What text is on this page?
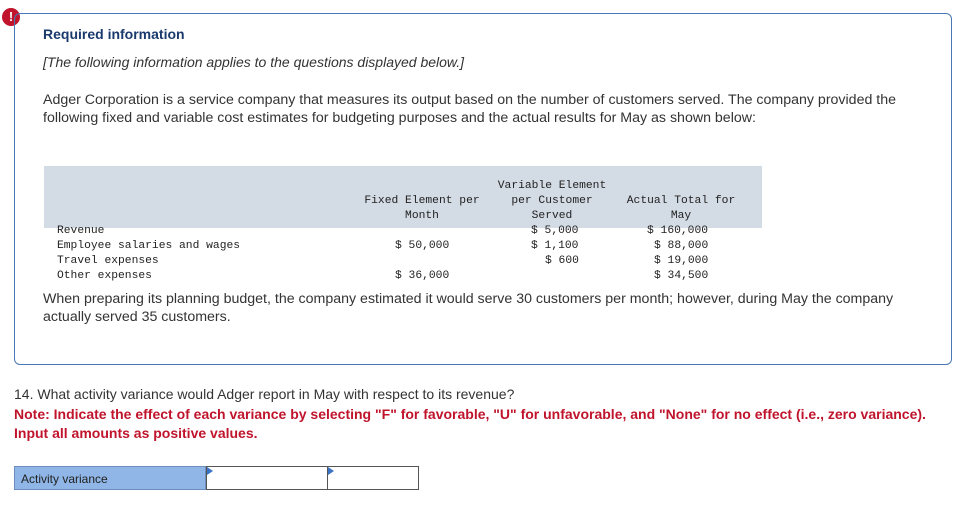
!
Required information
[The following information applies to the questions displayed below.]
Adger Corporation is a service company that measures its output based on the number of customers served. The company provided the following fixed and variable cost estimates for budgeting purposes and the actual results for May as shown below:
Fixed Element per
Month
Variable Element
per Customer
Served
Actual Total for
May
Revenue
Employee salaries and wages
Travel expenses
Other expenses
$ 50,000
$ 36,000
$ 5,000
$ 1,100
$ 600
$ 160,000
$ 88,000
$ 19,000
$ 34,500
When preparing its planning budget, the company estimated it would serve 30 customers per month; however, during May the company actually served 35 customers.
14. What activity variance would Adger report in May with respect to its revenue?
Note: Indicate the effect of each variance by selecting "F" for favorable, "U" for unfavorable, and "None" for no effect (i.e., zero variance). Input all amounts as positive values.
Activity variance
